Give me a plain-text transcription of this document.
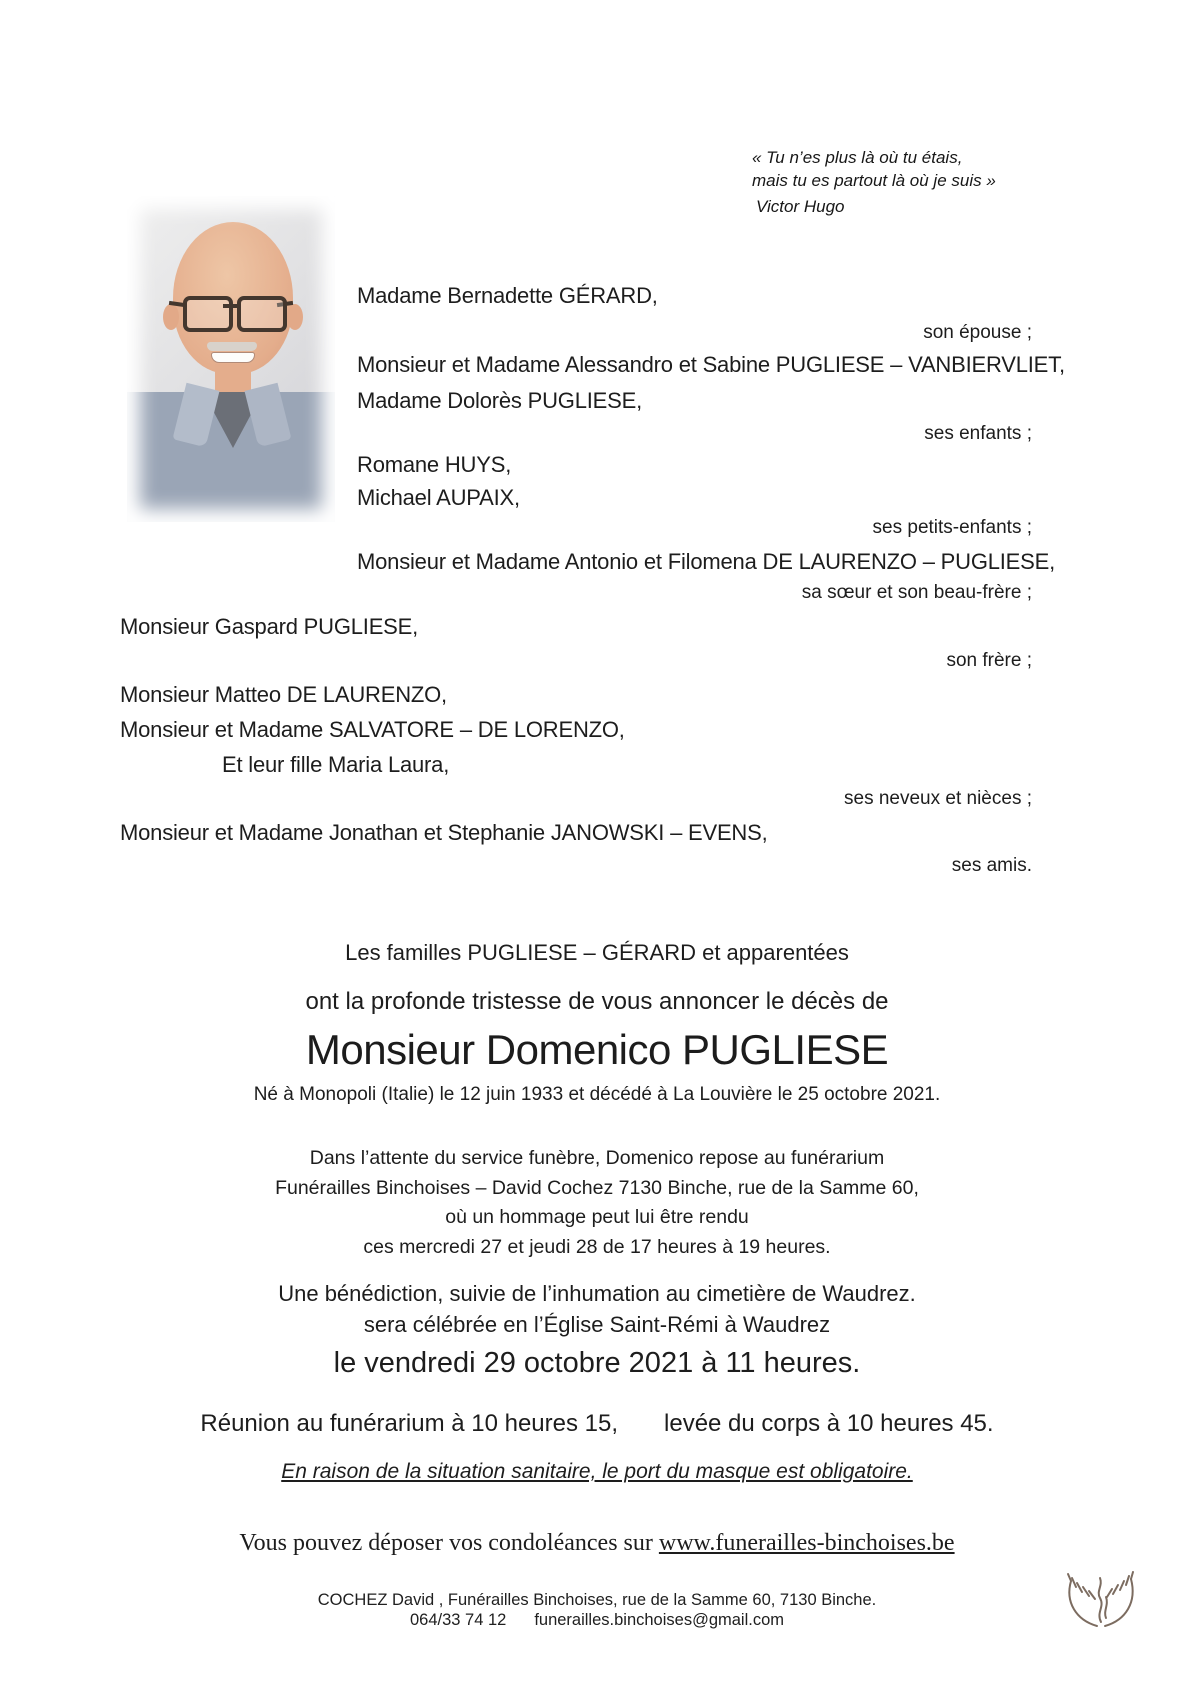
« Tu n’es plus là où tu étais,
mais tu es partout là où je suis »
Victor Hugo
Madame Bernadette GÉRARD,
son épouse ;
Monsieur et Madame Alessandro et Sabine PUGLIESE – VANBIERVLIET,
Madame Dolorès PUGLIESE,
ses enfants ;
Romane HUYS,
Michael AUPAIX,
ses petits-enfants ;
Monsieur et Madame Antonio et Filomena DE LAURENZO – PUGLIESE,
sa sœur et son beau-frère ;
Monsieur Gaspard PUGLIESE,
son frère ;
Monsieur Matteo DE LAURENZO,
Monsieur et Madame SALVATORE – DE LORENZO,
Et leur fille Maria Laura,
ses neveux et nièces ;
Monsieur et Madame Jonathan et Stephanie JANOWSKI – EVENS,
ses amis.
Les familles PUGLIESE – GÉRARD et apparentées
ont la profonde tristesse de vous annoncer le décès de
Monsieur Domenico PUGLIESE
Né à Monopoli (Italie) le 12 juin 1933 et décédé à La Louvière le 25 octobre 2021.
Dans l’attente du service funèbre, Domenico repose au funérarium
Funérailles Binchoises – David Cochez 7130 Binche, rue de la Samme 60,
où un hommage peut lui être rendu
ces mercredi 27 et jeudi 28 de 17 heures à 19 heures.
Une bénédiction, suivie de l’inhumation au cimetière de Waudrez.
sera célébrée en l’Église Saint-Rémi à Waudrez
le vendredi 29 octobre 2021 à 11 heures.
Réunion au funérarium à 10 heures 15, levée du corps à 10 heures 45.
En raison de la situation sanitaire, le port du masque est obligatoire.
Vous pouvez déposer vos condoléances sur www.funerailles-binchoises.be
COCHEZ David , Funérailles Binchoises, rue de la Samme 60, 7130 Binche.
064/33 74 12 funerailles.binchoises@gmail.com
